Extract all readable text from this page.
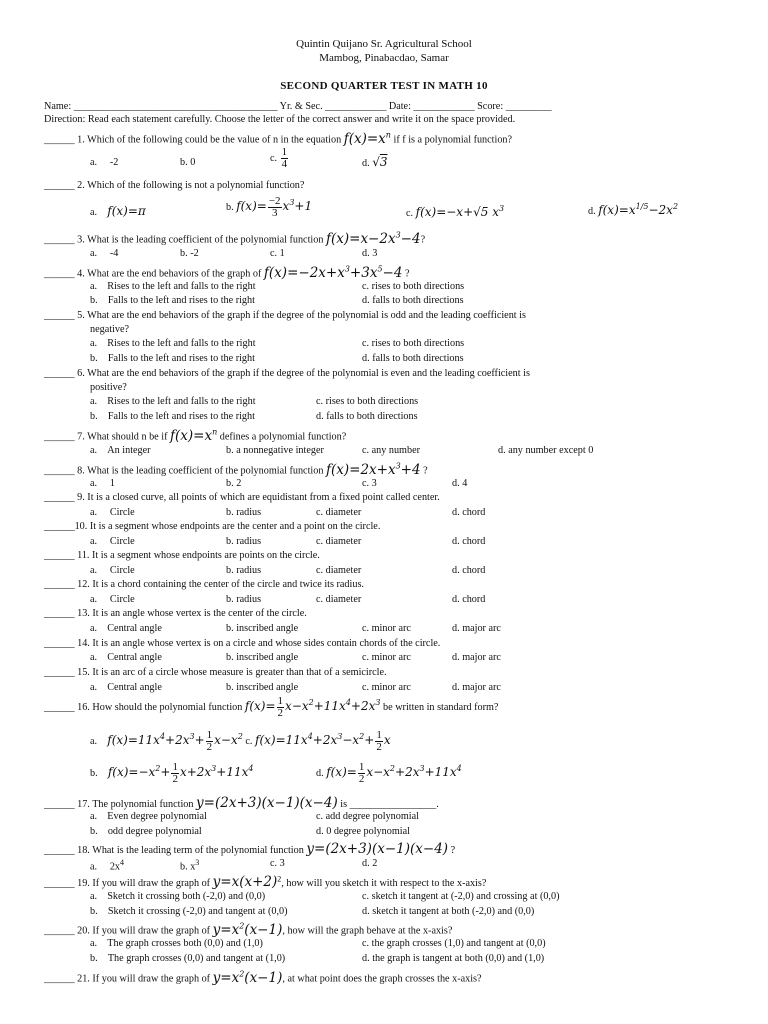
Quintin Quijano Sr. Agricultural School
Mambog, Pinabacdao, Samar
SECOND QUARTER TEST IN MATH 10
Name: ________________________________________ Yr. & Sec. ____________ Date: ____________ Score: _________
Direction: Read each statement carefully. Choose the letter of the correct answer and write it on the space provided.
______ 1. Which of the following could be the value of n in the equation $f(x)=x^n$ if f is a polynomial function?
a. -2	b. 0	c. $\frac{1}{4}$	d. √3
______ 2. Which of the following is not a polynomial function?
a.    f(x)=π	b. $f(x)= \frac{-2}{3} x^3+1$
c. f(x)=−x+√5 $x^3$	d. $f(x)=x^{1/5}-2x^2$
______ 3. What is the leading coefficient of the polynomial function $f(x)=x-2x^3-4$?
a. -4	b. -2	c. 1	d. 3
______ 4. What are the end behaviors of the graph of $f(x)=-2x+x^3+3x^5-4$ ?
a. Rises to the left and falls to the right	c. rises to both directions
b. Falls to the left and rises to the right	d. falls to both directions
______ 5. What are the end behaviors of the graph if the degree of the polynomial is odd and the leading coefficient is
negative?
a. Rises to the left and falls to the right	c. rises to both directions
b. Falls to the left and rises to the right	d. falls to both directions
______ 6. What are the end behaviors of the graph if the degree of the polynomial is even and the leading coefficient is
positive?
a. Rises to the left and falls to the right	c. rises to both directions
b. Falls to the left and rises to the right	d. falls to both directions
______ 7. What should n be if $f(x)=x^n$ defines a polynomial function?
a. An integer	b. a nonnegative integer	c. any number	d. any number except 0
______ 8. What is the leading coefficient of the polynomial function $f(x)=2x+x^3+4$ ?
a. 1	b. 2	c. 3	d. 4
______ 9. It is a closed curve, all points of which are equidistant from a fixed point called center.
a. Circle	b. radius	c. diameter	d. chord
______10. It is a segment whose endpoints are the center and a point on the circle.
a. Circle	b. radius	c. diameter	d. chord
______ 11. It is a segment whose endpoints are points on the circle.
a. Circle	b. radius	c. diameter	d. chord
______ 12. It is a chord containing the center of the circle and twice its radius.
a. Circle	b. radius	c. diameter	d. chord
______ 13. It is an angle whose vertex is the center of the circle.
a. Central angle	b. inscribed angle	c. minor arc	d. major arc
______ 14. It is an angle whose vertex is on a circle and whose sides contain chords of the circle.
a. Central angle	b. inscribed angle	c. minor arc	d. major arc
______ 15. It is an arc of a circle whose measure is greater than that of a semicircle.
a. Central angle	b. inscribed angle	c. minor arc	d. major arc
______ 16. How should the polynomial function $f(x)= \frac{1}{2} x-x^2+11x^4+2x^3$ be written in standard form?
a.    $f(x)=11x^4+2x^3+ \frac{1}{2} x-x^2$ c. $f(x)=11x^4+2x^3-x^2+ \frac{1}{2}$ x
b.    $f(x)=-x^2+ \frac{1}{2} x+2x^3+11x^4$	d. $f(x)= \frac{1}{2} x-x^2+2x^3+11x^4$
______ 17. The polynomial function y=(2x+3)(x−1)(x−4) is _________________.
a. Even degree polynomial	c. add degree polynomial
b. odd degree polynomial	d. 0 degree polynomial
______ 18. What is the leading term of the polynomial function y=(2x+3)(x−1)(x−4) ?
a. $2x^4$	b. $x^3$	c. 3	d. 2
______ 19. If you will draw the graph of $y=x(x+2)^2$, how will you sketch it with respect to the x-axis?
a. Sketch it crossing both (-2,0) and (0,0)	c. sketch it tangent at (-2,0) and crossing at (0,0)
b. Sketch it crossing (-2,0) and tangent at (0,0)	d. sketch it tangent at both (-2,0) and (0,0)
______ 20. If you will draw the graph of $y=x^2(x-1)$, how will the graph behave at the x-axis?
a. The graph crosses both (0,0) and (1,0)	c. the graph crosses (1,0) and tangent at (0,0)
b. The graph crosses (0,0) and tangent at (1,0)	d. the graph is tangent at both (0,0) and (1,0)
______ 21. If you will draw the graph of $y=x^2(x-1)$, at what point does the graph crosses the x-axis?
